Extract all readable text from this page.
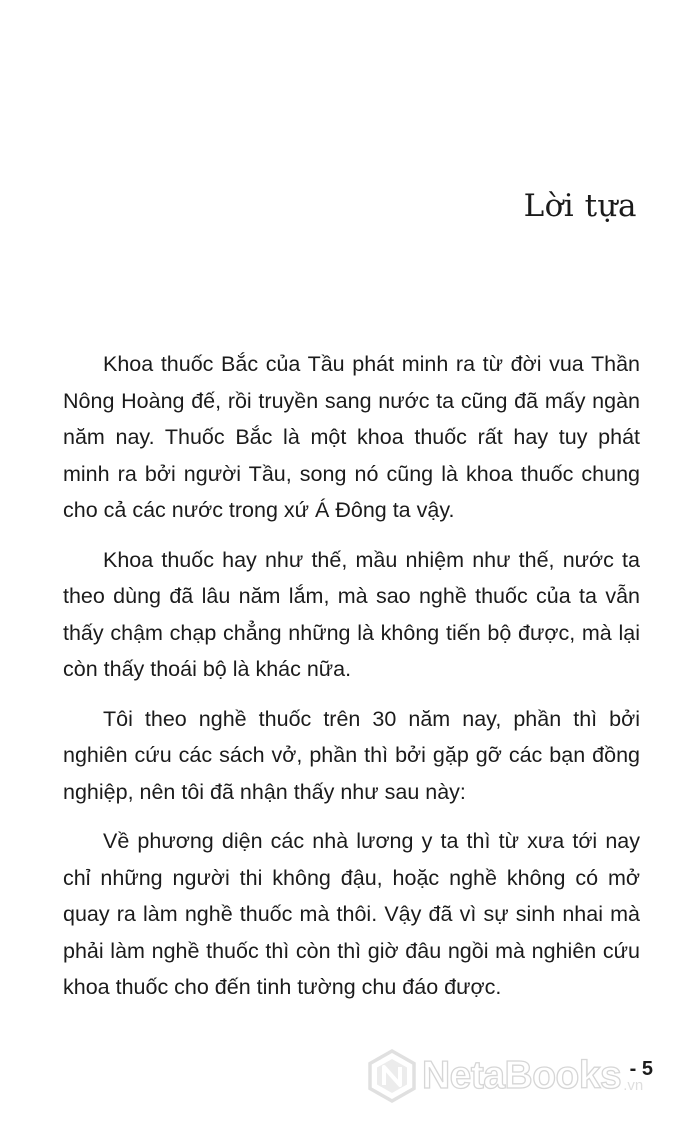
Lời tựa

Khoa thuốc Bắc của Tầu phát minh ra từ đời vua Thần Nông Hoàng đế, rồi truyền sang nước ta cũng đã mấy ngàn năm nay. Thuốc Bắc là một khoa thuốc rất hay tuy phát minh ra bởi người Tầu, song nó cũng là khoa thuốc chung cho cả các nước trong xứ Á Đông ta vậy.

Khoa thuốc hay như thế, mầu nhiệm như thế, nước ta theo dùng đã lâu năm lắm, mà sao nghề thuốc của ta vẫn thấy chậm chạp chẳng những là không tiến bộ được, mà lại còn thấy thoái bộ là khác nữa.

Tôi theo nghề thuốc trên 30 năm nay, phần thì bởi nghiên cứu các sách vở, phần thì bởi gặp gỡ các bạn đồng nghiệp, nên tôi đã nhận thấy như sau này:

Về phương diện các nhà lương y ta thì từ xưa tới nay chỉ những người thi không đậu, hoặc nghề không có mở quay ra làm nghề thuốc mà thôi. Vậy đã vì sự sinh nhai mà phải làm nghề thuốc thì còn thì giờ đâu ngồi mà nghiên cứu khoa thuốc cho đến tinh tường chu đáo được.

NetaBooks .vn
- 5
